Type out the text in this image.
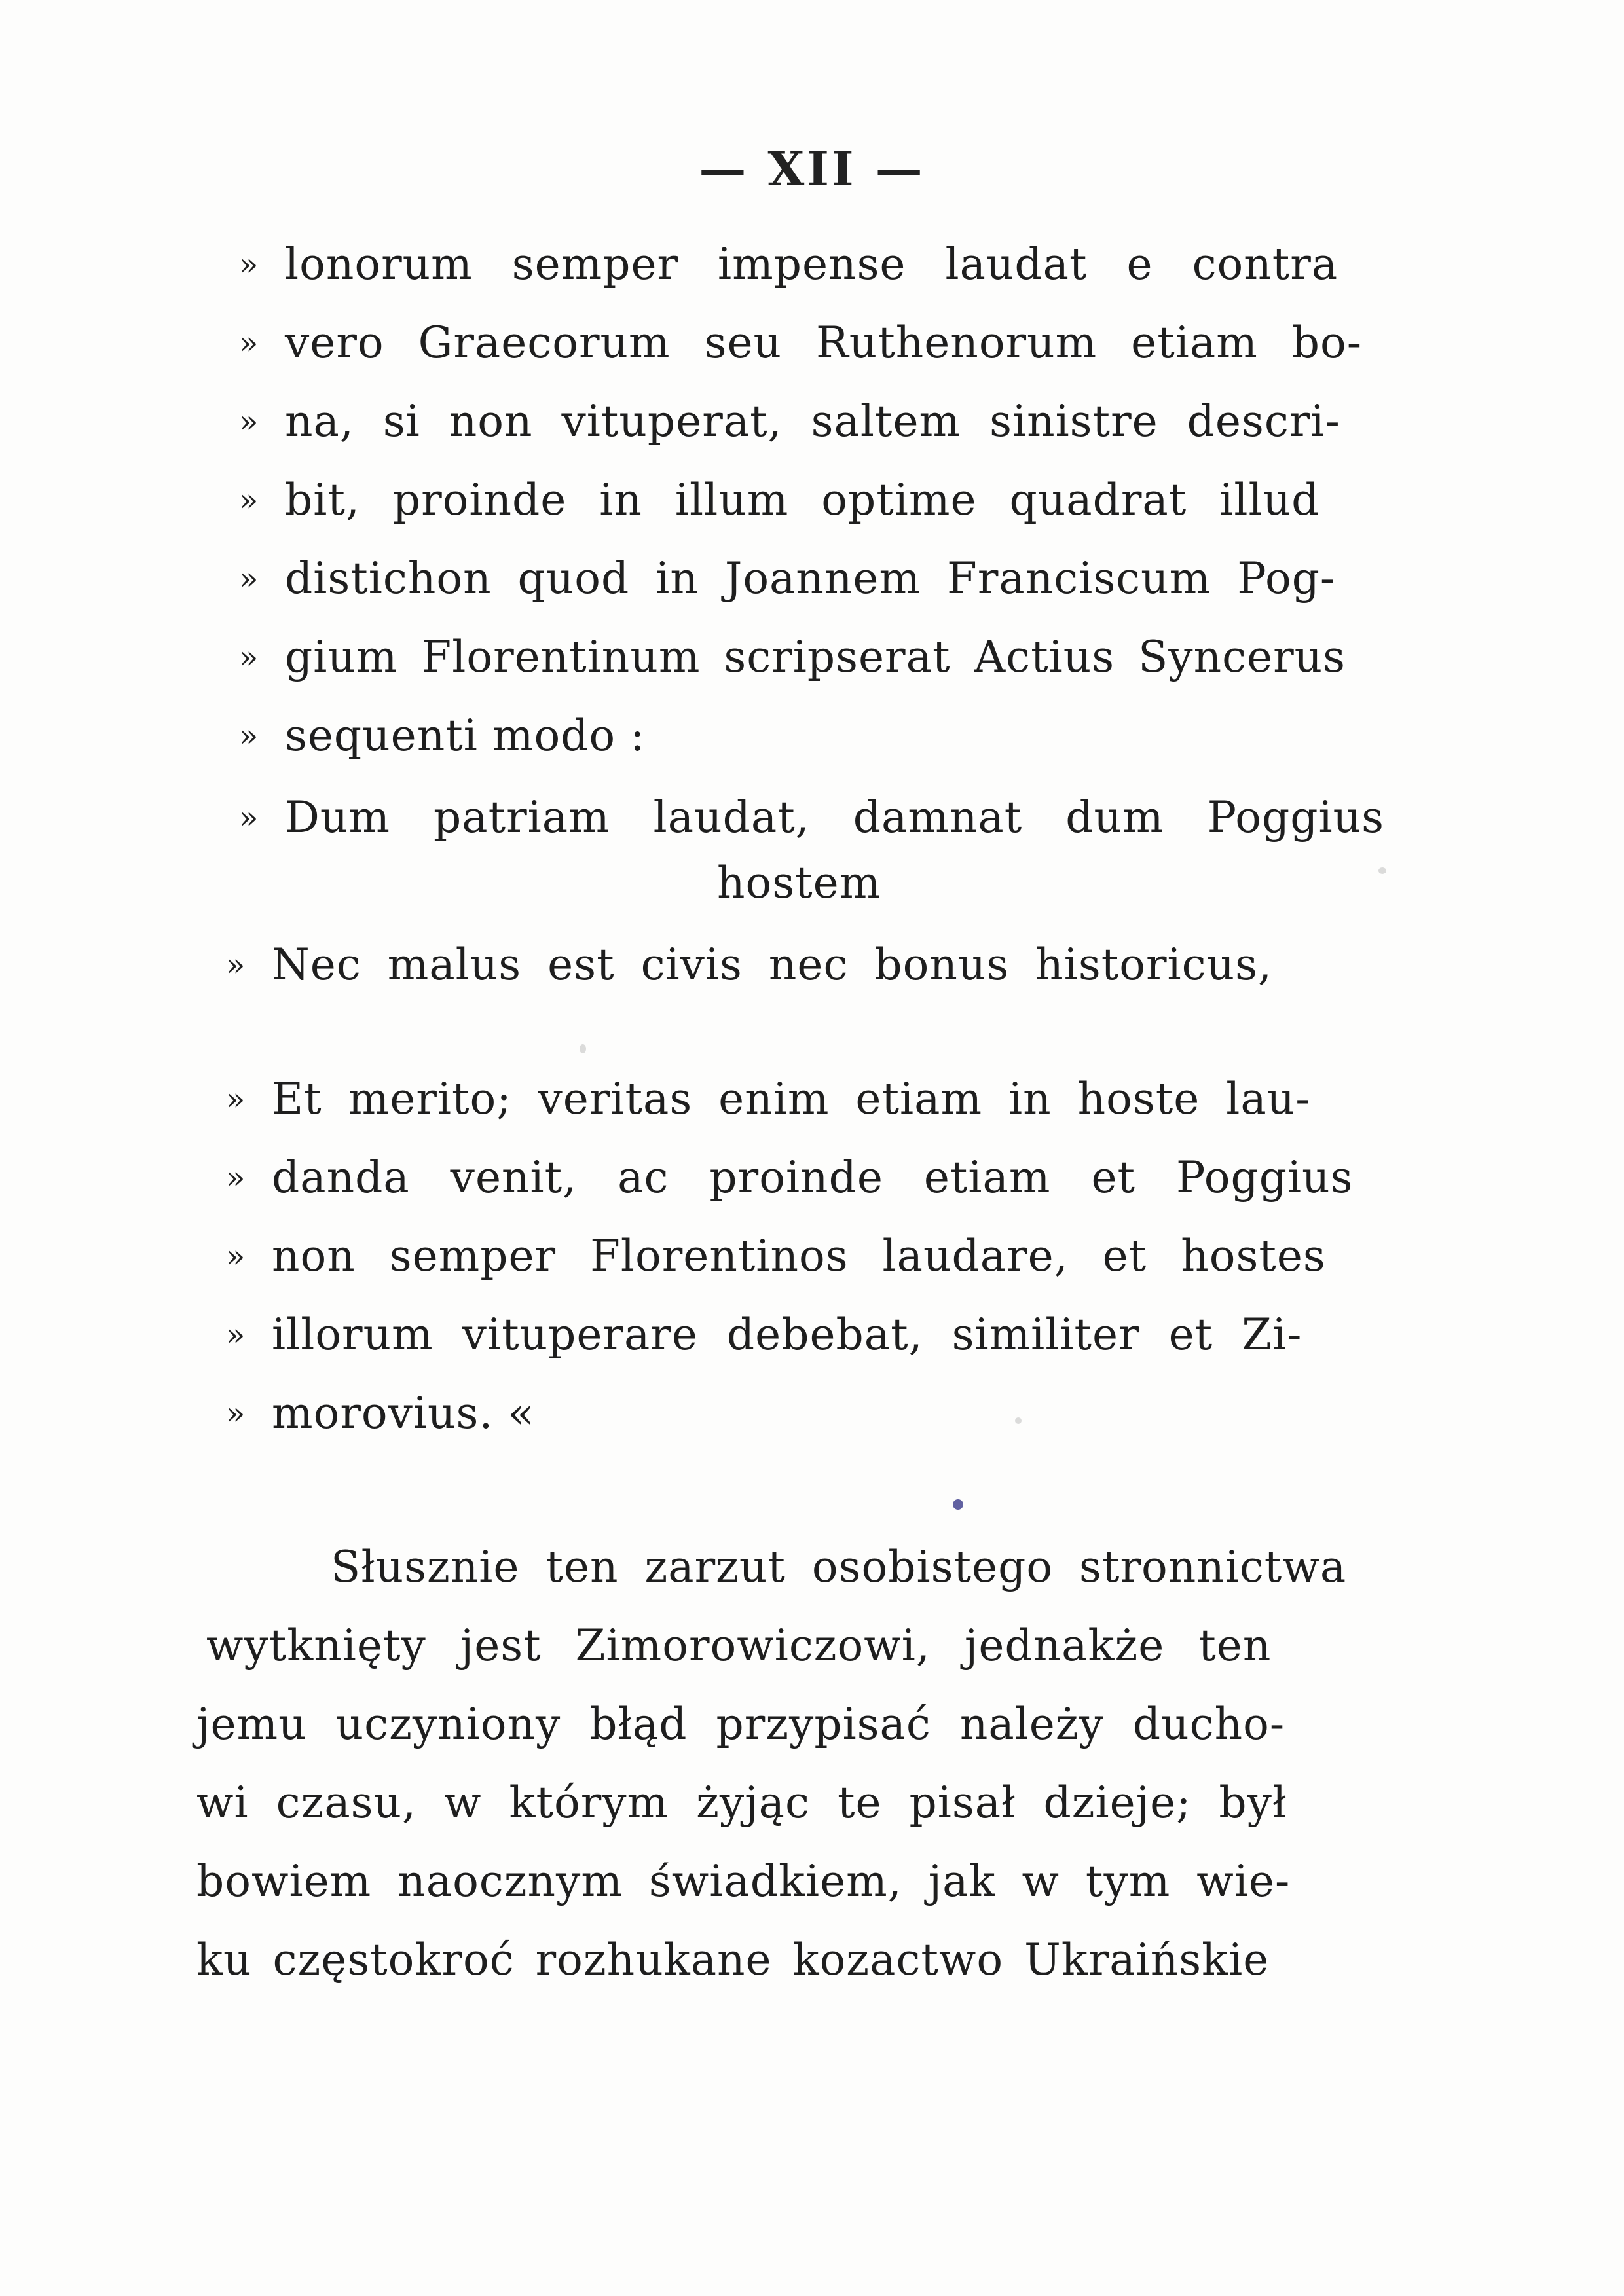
— XII —
» lonorum semper impense laudat e contra
» vero Graecorum seu Ruthenorum etiam bo-
» na, si non vituperat, saltem sinistre descri-
» bit, proinde in illum optime quadrat illud
» distichon quod in Joannem Franciscum Pog-
» gium Florentinum scripserat Actius Syncerus
» sequenti modo :
» Dum patriam laudat, damnat dum Poggius
hostem
» Nec malus est civis nec bonus historicus,
» Et merito; veritas enim etiam in hoste lau-
» danda venit, ac proinde etiam et Poggius
» non semper Florentinos laudare, et hostes
» illorum vituperare debebat, similiter et Zi-
» morovius. «
Słusznie ten zarzut osobistego stronnictwa
wytknięty jest Zimorowiczowi, jednakże ten
jemu uczyniony błąd przypisać należy ducho-
wi czasu, w którym żyjąc te pisał dzieje; był
bowiem naocznym świadkiem, jak w tym wie-
ku częstokroć rozhukane kozactwo Ukraińskie
